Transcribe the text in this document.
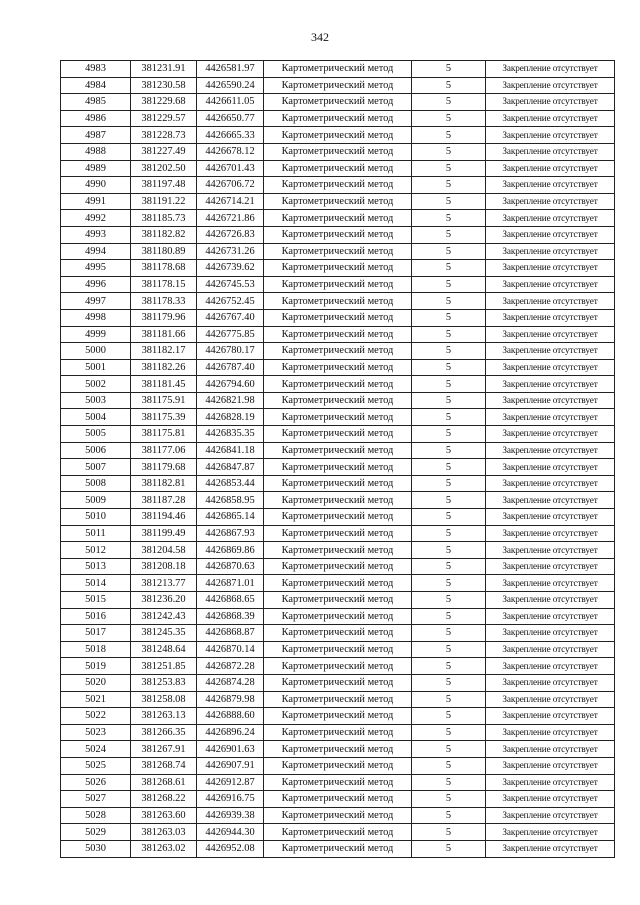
342
4983	381231.91	4426581.97	Картометрический метод	5	Закрепление отсутствует
4984	381230.58	4426590.24	Картометрический метод	5	Закрепление отсутствует
4985	381229.68	4426611.05	Картометрический метод	5	Закрепление отсутствует
4986	381229.57	4426650.77	Картометрический метод	5	Закрепление отсутствует
4987	381228.73	4426665.33	Картометрический метод	5	Закрепление отсутствует
4988	381227.49	4426678.12	Картометрический метод	5	Закрепление отсутствует
4989	381202.50	4426701.43	Картометрический метод	5	Закрепление отсутствует
4990	381197.48	4426706.72	Картометрический метод	5	Закрепление отсутствует
4991	381191.22	4426714.21	Картометрический метод	5	Закрепление отсутствует
4992	381185.73	4426721.86	Картометрический метод	5	Закрепление отсутствует
4993	381182.82	4426726.83	Картометрический метод	5	Закрепление отсутствует
4994	381180.89	4426731.26	Картометрический метод	5	Закрепление отсутствует
4995	381178.68	4426739.62	Картометрический метод	5	Закрепление отсутствует
4996	381178.15	4426745.53	Картометрический метод	5	Закрепление отсутствует
4997	381178.33	4426752.45	Картометрический метод	5	Закрепление отсутствует
4998	381179.96	4426767.40	Картометрический метод	5	Закрепление отсутствует
4999	381181.66	4426775.85	Картометрический метод	5	Закрепление отсутствует
5000	381182.17	4426780.17	Картометрический метод	5	Закрепление отсутствует
5001	381182.26	4426787.40	Картометрический метод	5	Закрепление отсутствует
5002	381181.45	4426794.60	Картометрический метод	5	Закрепление отсутствует
5003	381175.91	4426821.98	Картометрический метод	5	Закрепление отсутствует
5004	381175.39	4426828.19	Картометрический метод	5	Закрепление отсутствует
5005	381175.81	4426835.35	Картометрический метод	5	Закрепление отсутствует
5006	381177.06	4426841.18	Картометрический метод	5	Закрепление отсутствует
5007	381179.68	4426847.87	Картометрический метод	5	Закрепление отсутствует
5008	381182.81	4426853.44	Картометрический метод	5	Закрепление отсутствует
5009	381187.28	4426858.95	Картометрический метод	5	Закрепление отсутствует
5010	381194.46	4426865.14	Картометрический метод	5	Закрепление отсутствует
5011	381199.49	4426867.93	Картометрический метод	5	Закрепление отсутствует
5012	381204.58	4426869.86	Картометрический метод	5	Закрепление отсутствует
5013	381208.18	4426870.63	Картометрический метод	5	Закрепление отсутствует
5014	381213.77	4426871.01	Картометрический метод	5	Закрепление отсутствует
5015	381236.20	4426868.65	Картометрический метод	5	Закрепление отсутствует
5016	381242.43	4426868.39	Картометрический метод	5	Закрепление отсутствует
5017	381245.35	4426868.87	Картометрический метод	5	Закрепление отсутствует
5018	381248.64	4426870.14	Картометрический метод	5	Закрепление отсутствует
5019	381251.85	4426872.28	Картометрический метод	5	Закрепление отсутствует
5020	381253.83	4426874.28	Картометрический метод	5	Закрепление отсутствует
5021	381258.08	4426879.98	Картометрический метод	5	Закрепление отсутствует
5022	381263.13	4426888.60	Картометрический метод	5	Закрепление отсутствует
5023	381266.35	4426896.24	Картометрический метод	5	Закрепление отсутствует
5024	381267.91	4426901.63	Картометрический метод	5	Закрепление отсутствует
5025	381268.74	4426907.91	Картометрический метод	5	Закрепление отсутствует
5026	381268.61	4426912.87	Картометрический метод	5	Закрепление отсутствует
5027	381268.22	4426916.75	Картометрический метод	5	Закрепление отсутствует
5028	381263.60	4426939.38	Картометрический метод	5	Закрепление отсутствует
5029	381263.03	4426944.30	Картометрический метод	5	Закрепление отсутствует
5030	381263.02	4426952.08	Картометрический метод	5	Закрепление отсутствует
